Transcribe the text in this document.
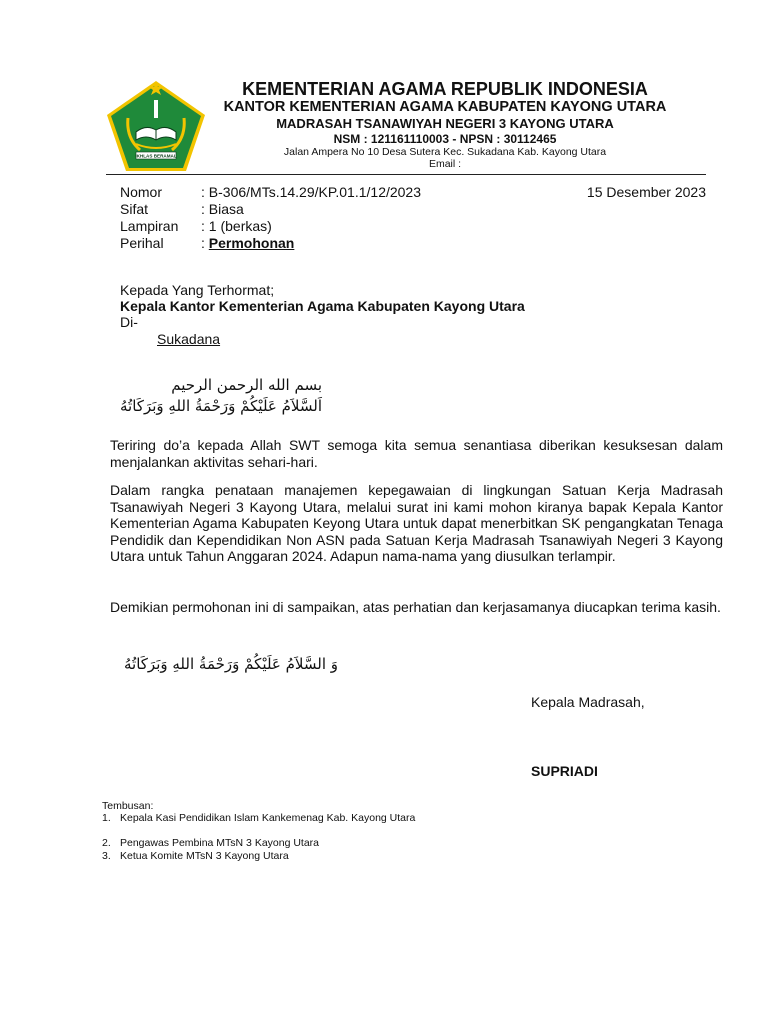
IKHLAS BERAMAL
KEMENTERIAN AGAMA REPUBLIK INDONESIA
KANTOR KEMENTERIAN AGAMA KABUPATEN KAYONG UTARA
MADRASAH TSANAWIYAH NEGERI 3 KAYONG UTARA
NSM : 121161110003 - NPSN : 30112465
Jalan Ampera No 10 Desa Sutera Kec. Sukadana Kab. Kayong Utara
Email :
Nomor	: B-306/MTs.14.29/KP.01.1/12/2023
Sifat	: Biasa
Lampiran : 1 (berkas)
Perihal	: Permohonan
15 Desember 2023
Kepada Yang Terhormat;
Kepala Kantor Kementerian Agama Kabupaten Kayong Utara
Di-
Sukadana
بسم الله الرحمن الرحيم
اَلسَّلاَمُ عَلَيْكُمْ وَرَحْمَةُ اللهِ وَبَرَكَاتُهُ
Teriring do’a kepada Allah SWT semoga kita semua senantiasa diberikan kesuksesan dalam menjalankan aktivitas sehari-hari.
Dalam rangka penataan manajemen kepegawaian di lingkungan Satuan Kerja Madrasah Tsanawiyah Negeri 3 Kayong Utara, melalui surat ini kami mohon kiranya bapak Kepala Kantor Kementerian Agama Kabupaten Keyong Utara untuk dapat menerbitkan SK pengangkatan Tenaga Pendidik dan Kependidikan Non ASN pada Satuan Kerja Madrasah Tsanawiyah Negeri 3 Kayong Utara untuk Tahun Anggaran 2024. Adapun nama-nama yang diusulkan terlampir.
Demikian permohonan ini di sampaikan, atas perhatian dan kerjasamanya diucapkan terima kasih.
وَ السَّلاَمُ عَلَيْكُمْ وَرَحْمَةُ اللهِ وَبَرَكَاتُهُ
Kepala Madrasah,
SUPRIADI
Tembusan:
1. Kepala Kasi Pendidikan Islam Kankemenag Kab. Kayong Utara
2. Pengawas Pembina MTsN 3 Kayong Utara
3. Ketua Komite MTsN 3 Kayong Utara
